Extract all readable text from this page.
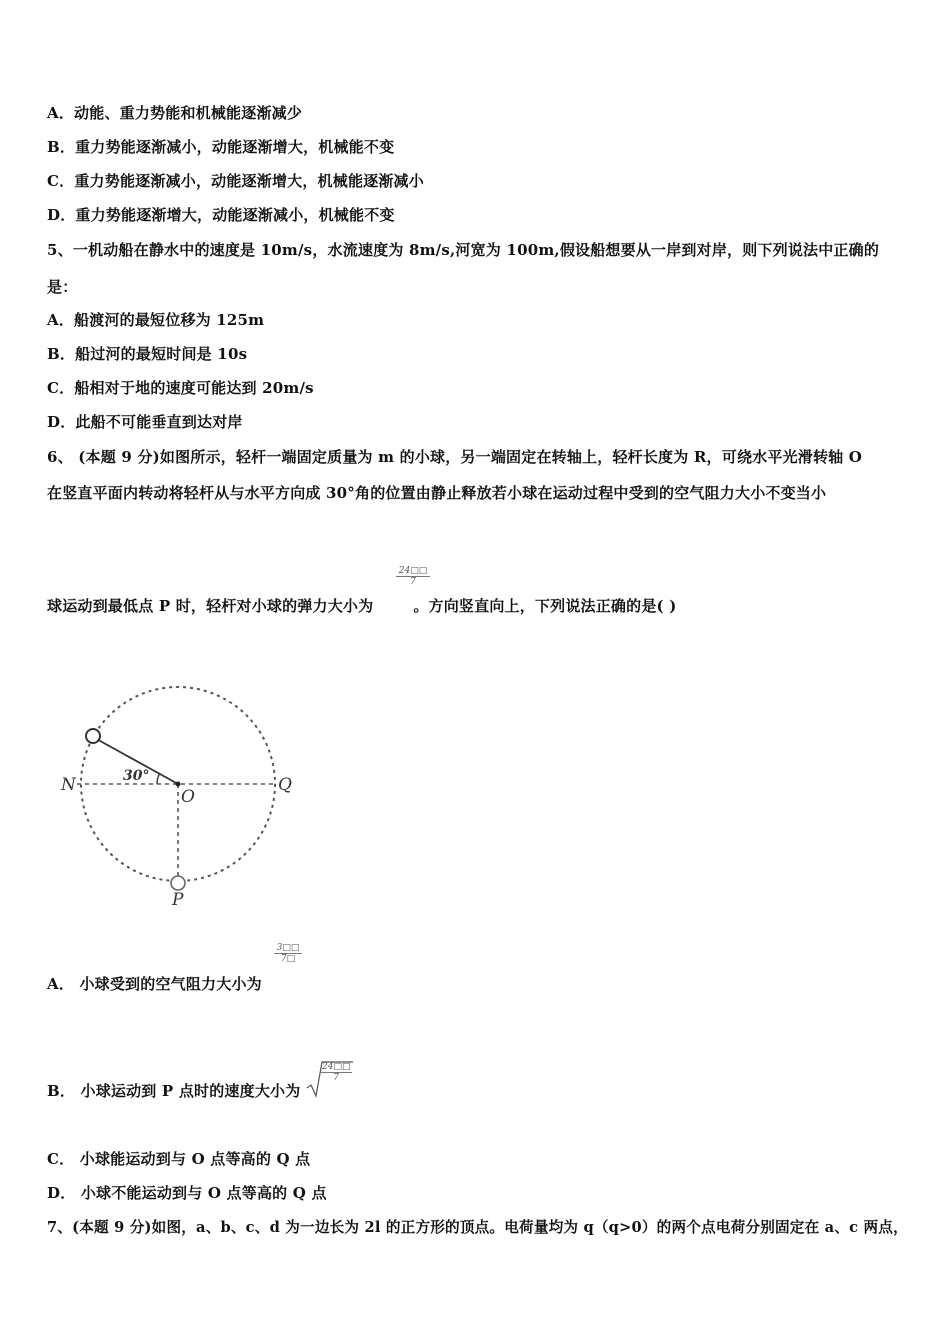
A．动能、重力势能和机械能逐渐减少
B．重力势能逐渐减小，动能逐渐增大，机械能不变
C．重力势能逐渐减小，动能逐渐增大，机械能逐渐减小
D．重力势能逐渐增大，动能逐渐减小，机械能不变
5、一机动船在静水中的速度是 10m/s，水流速度为 8m/s,河宽为 100m,假设船想要从一岸到对岸，则下列说法中正确的
是：
A．船渡河的最短位移为 125m
B．船过河的最短时间是 10s
C．船相对于地的速度可能达到 20m/s
D．此船不可能垂直到达对岸
6、 (本题 9 分)如图所示，轻杆一端固定质量为 m 的小球，另一端固定在转轴上，轻杆长度为 R，可绕水平光滑转轴 O
在竖直平面内转动将轻杆从与水平方向成 30°角的位置由静止释放若小球在运动过程中受到的空气阻力大小不变当小
球运动到最低点 P 时，轻杆对小球的弹力大小为	。方向竖直向上，下列说法正确的是( )
$\frac{24□□}{7}$
30°
N
O
Q
P
A． 小球受到的空气阻力大小为
$\frac{3□□}{7□}$
B． 小球运动到 P 点时的速度大小为
$\frac{24□□}{7}$
C． 小球能运动到与 O 点等高的 Q 点
D． 小球不能运动到与 O 点等高的 Q 点
7、(本题 9 分)如图，a、b、c、d 为一边长为 2l 的正方形的顶点。电荷量均为 q（q>0）的两个点电荷分别固定在 a、c 两点，
